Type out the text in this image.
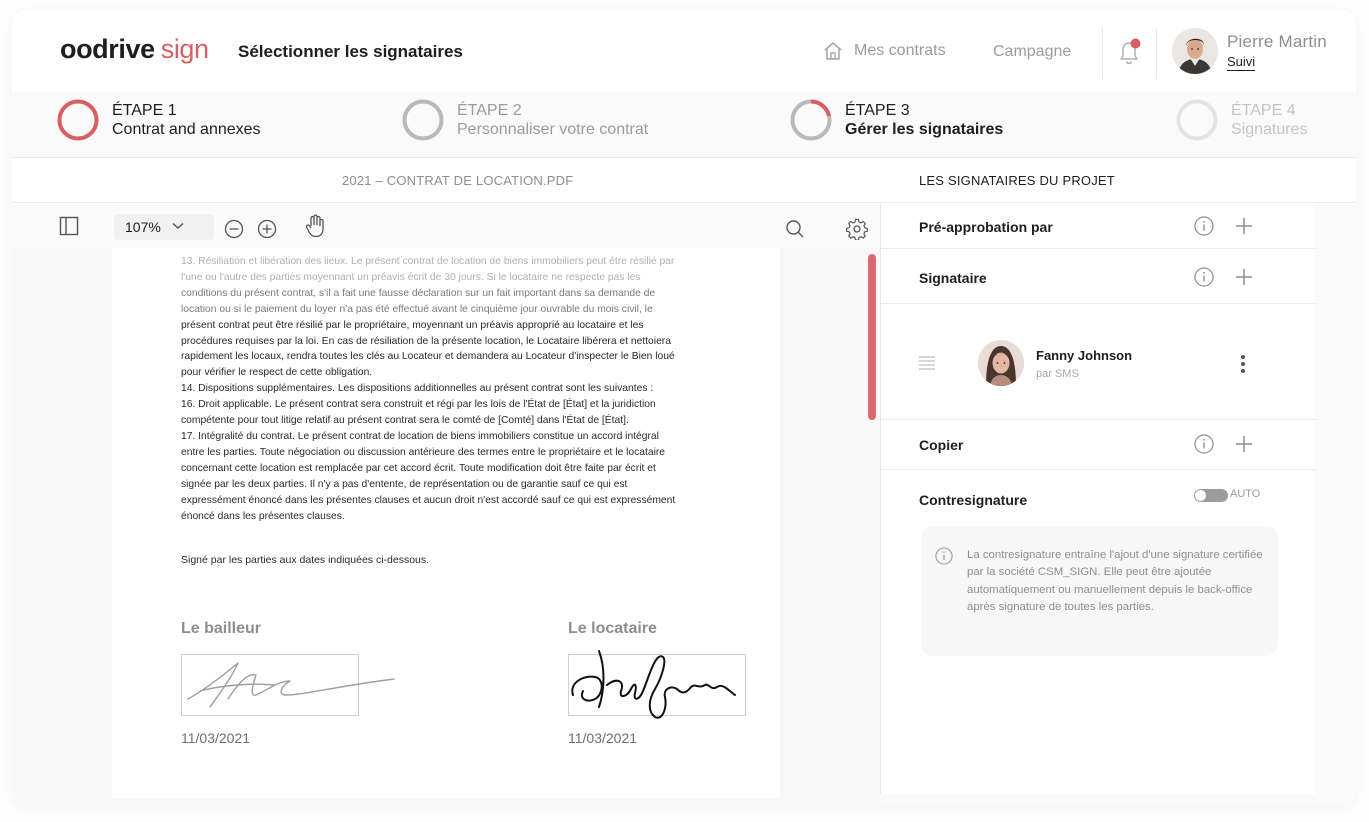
oodrive sign Sélectionner les signataires	Mes contrats	Campagne
Pierre Martin
Suivi
ÉTAPE 1
Contrat and annexes
ÉTAPE 2
Personnaliser votre contrat
ÉTAPE 3
Gérer les signataires
ÉTAPE 4
Signatures
2021 – CONTRAT DE LOCATION.PDF	LES SIGNATAIRES DU PROJET
107%
13. Résiliation et libération des lieux. Le présent contrat de location de biens immobiliers peut être résilié par
l'une ou l'autre des parties moyennant un préavis écrit de 30 jours. Si le locataire ne respecte pas les
conditions du présent contrat, s'il a fait une fausse déclaration sur un fait important dans sa demande de
location ou si le paiement du loyer n'a pas été effectué avant le cinquième jour ouvrable du mois civil, le
présent contrat peut être résilié par le propriétaire, moyennant un préavis approprié au locataire et les
procédures requises par la loi. En cas de résiliation de la présente location, le Locataire libérera et nettoiera
rapidement les locaux, rendra toutes les clés au Locateur et demandera au Locateur d'inspecter le Bien loué
pour vérifier le respect de cette obligation.
14. Dispositions supplémentaires. Les dispositions additionnelles au présent contrat sont les suivantes :
16. Droit applicable. Le présent contrat sera construit et régi par les lois de l'État de [État] et la juridiction
compétente pour tout litige relatif au présent contrat sera le comté de [Comté] dans l'État de [État].
17. Intégralité du contrat. Le présent contrat de location de biens immobiliers constitue un accord intégral
entre les parties. Toute négociation ou discussion antérieure des termes entre le propriétaire et le locataire
concernant cette location est remplacée par cet accord écrit. Toute modification doit être faite par écrit et
signée par les deux parties. Il n'y a pas d'entente, de représentation ou de garantie sauf ce qui est
expressément énoncé dans les présentes clauses et aucun droit n'est accordé sauf ce qui est expressément
énoncé dans les présentes clauses.
Signé par les parties aux dates indiquées ci-dessous.
Le bailleur
11/03/2021
Le locataire
11/03/2021
Pré-approbation par
Signataire
Fanny Johnson
par SMS
Copier
Contresignature	AUTO
La contresignature entraîne l'ajout d'une signature certifiée par la société CSM_SIGN. Elle peut être ajoutée automatiquement ou manuellement depuis le back-office après signature de toutes les parties.
